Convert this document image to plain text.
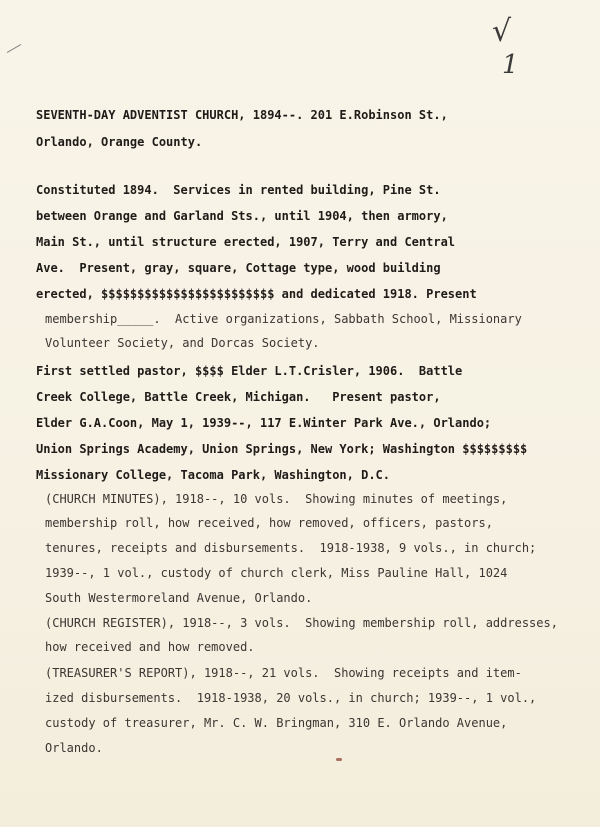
√
1
SEVENTH-DAY ADVENTIST CHURCH, 1894--. 201 E.Robinson St.,
Orlando, Orange County.
Constituted 1894.  Services in rented building, Pine St.
between Orange and Garland Sts., until 1904, then armory,
Main St., until structure erected, 1907, Terry and Central
Ave.  Present, gray, square, Cottage type, wood building
erected, $$$$$$$$$$$$$$$$$$$$$$$$ and dedicated 1918. Present
membership_____.  Active organizations, Sabbath School, Missionary
Volunteer Society, and Dorcas Society.
First settled pastor, $$$$ Elder L.T.Crisler, 1906.  Battle
Creek College, Battle Creek, Michigan.   Present pastor,
Elder G.A.Coon, May 1, 1939--, 117 E.Winter Park Ave., Orlando;
Union Springs Academy, Union Springs, New York; Washington $$$$$$$$$
Missionary College, Tacoma Park, Washington, D.C.
(CHURCH MINUTES), 1918--, 10 vols.  Showing minutes of meetings,
membership roll, how received, how removed, officers, pastors,
tenures, receipts and disbursements.  1918-1938, 9 vols., in church;
1939--, 1 vol., custody of church clerk, Miss Pauline Hall, 1024
South Westermoreland Avenue, Orlando.
(CHURCH REGISTER), 1918--, 3 vols.  Showing membership roll, addresses,
how received and how removed.
(TREASURER'S REPORT), 1918--, 21 vols.  Showing receipts and item-
ized disbursements.  1918-1938, 20 vols., in church; 1939--, 1 vol.,
custody of treasurer, Mr. C. W. Bringman, 310 E. Orlando Avenue,
Orlando.
